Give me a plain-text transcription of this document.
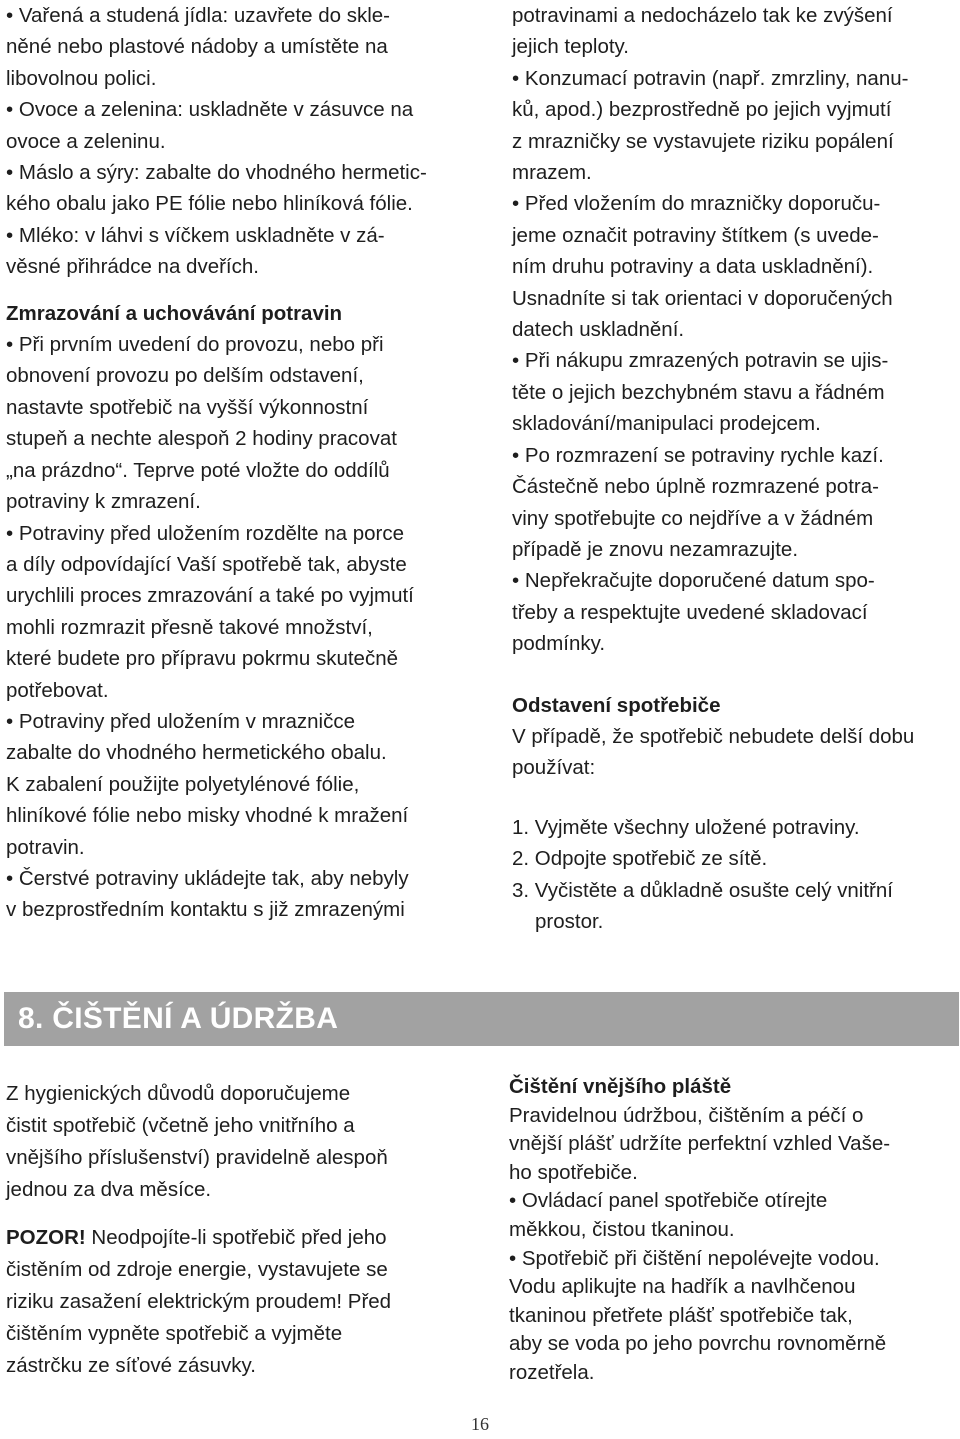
• Vařená a studená jídla: uzavřete do skle-

něné nebo plastové nádoby a umístěte na

libovolnou polici.

• Ovoce a zelenina: uskladněte v zásuvce na

ovoce a zeleninu.

• Máslo a sýry: zabalte do vhodného hermetic-

kého obalu jako PE fólie nebo hliníková fólie.

• Mléko: v láhvi s víčkem uskladněte v zá-

věsné přihrádce na dveřích.

Zmrazování a uchovávání potravin

• Při prvním uvedení do provozu, nebo při

obnovení provozu po delším odstavení,

nastavte spotřebič na vyšší výkonnostní

stupeň a nechte alespoň 2 hodiny pracovat

„na prázdno“. Teprve poté vložte do oddílů

potraviny k zmrazení.

• Potraviny před uložením rozdělte na porce

a díly odpovídající Vaší spotřebě tak, abyste

urychlili proces zmrazování a také po vyjmutí

mohli rozmrazit přesně takové množství,

které budete pro přípravu pokrmu skutečně

potřebovat.

• Potraviny před uložením v mrazničce

zabalte do vhodného hermetického obalu.

K zabalení použijte polyetylénové fólie,

hliníkové fólie nebo misky vhodné k mražení

potravin.

• Čerstvé potraviny ukládejte tak, aby nebyly

v bezprostředním kontaktu s již zmrazenými

potravinami a nedocházelo tak ke zvýšení

jejich teploty.

• Konzumací potravin (např. zmrzliny, nanu-

ků, apod.) bezprostředně po jejich vyjmutí

z mrazničky se vystavujete riziku popálení

mrazem.

• Před vložením do mrazničky doporuču-

jeme označit potraviny štítkem (s uvede-

ním druhu potraviny a data uskladnění).

Usnadníte si tak orientaci v doporučených

datech uskladnění.

• Při nákupu zmrazených potravin se ujis-

těte o jejich bezchybném stavu a řádném

skladování/manipulaci prodejcem.

• Po rozmrazení se potraviny rychle kazí.

Částečně nebo úplně rozmrazené potra-

viny spotřebujte co nejdříve a v žádném

případě je znovu nezamrazujte.

• Nepřekračujte doporučené datum spo-

třeby a respektujte uvedené skladovací

podmínky.

Odstavení spotřebiče

V případě, že spotřebič nebudete delší dobu

používat:

1. Vyjměte všechny uložené potraviny.

2. Odpojte spotřebič ze sítě.

3. Vyčistěte a důkladně osušte celý vnitřní

prostor.

8. ČIŠTĚNÍ A ÚDRŽBA

Z hygienických důvodů doporučujeme

čistit spotřebič (včetně jeho vnitřního a

vnějšího příslušenství) pravidelně alespoň

jednou za dva měsíce.

POZOR! Neodpojíte-li spotřebič před jeho

čistěním od zdroje energie, vystavujete se

riziku zasažení elektrickým proudem! Před

čištěním vypněte spotřebič a vyjměte

zástrčku ze síťové zásuvky.

Čištění vnějšího pláště

Pravidelnou údržbou, čištěním a péčí o

vnější plášť udržíte perfektní vzhled Vaše-

ho spotřebiče.

• Ovládací panel spotřebiče otírejte

měkkou, čistou tkaninou.

• Spotřebič při čištění nepolévejte vodou.

Vodu aplikujte na hadřík a navlhčenou

tkaninou přetřete plášť spotřebiče tak,

aby se voda po jeho povrchu rovnoměrně

rozetřela.

16
